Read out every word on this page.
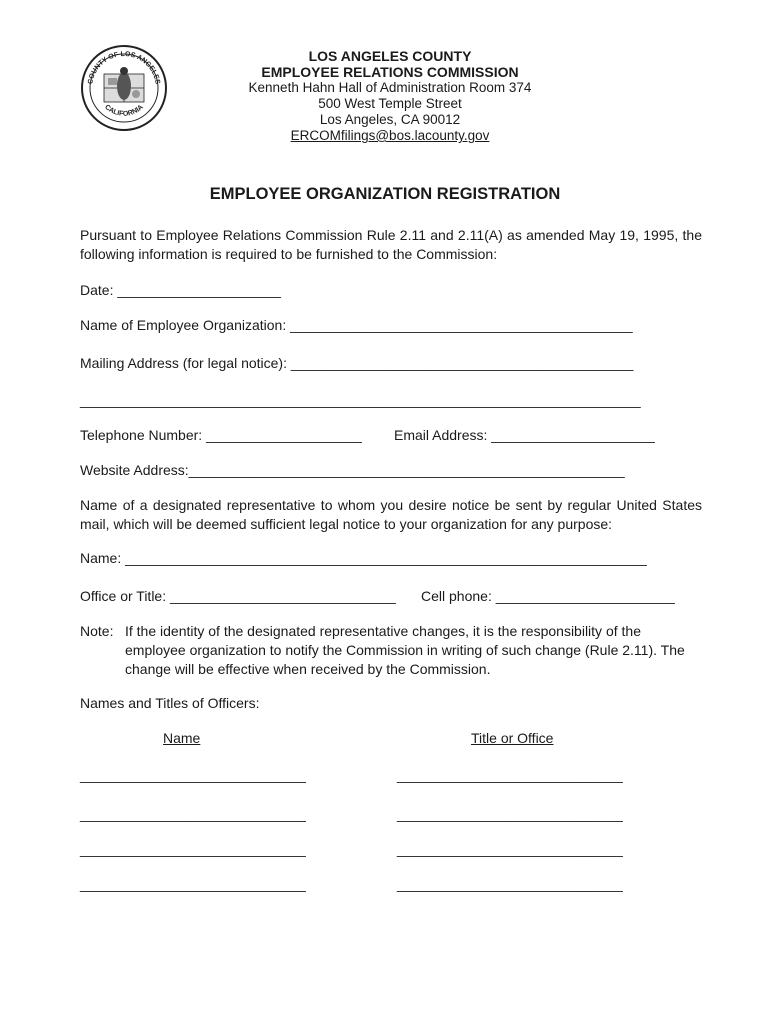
COUNTY OF LOS ANGELES
CALIFORNIA
LOS ANGELES COUNTY
EMPLOYEE RELATIONS COMMISSION
Kenneth Hahn Hall of Administration Room 374
500 West Temple Street
Los Angeles, CA 90012
ERCOMfilings@bos.lacounty.gov
EMPLOYEE ORGANIZATION REGISTRATION
Pursuant to Employee Relations Commission Rule 2.11 and 2.11(A) as amended May 19, 1995, the following information is required to be furnished to the Commission:
Date: _____________________
Name of Employee Organization: ____________________________________________
Mailing Address (for legal notice): ____________________________________________
________________________________________________________________________
Telephone Number: ____________________ Email Address: _____________________
Website Address:________________________________________________________
Name of a designated representative to whom you desire notice be sent by regular United States mail, which will be deemed sufficient legal notice to your organization for any purpose:
Name: ___________________________________________________________________
Office or Title: _____________________________ Cell phone: _______________________
Note: If the identity of the designated representative changes, it is the responsibility of the employee organization to notify the Commission in writing of such change (Rule 2.11). The change will be effective when received by the Commission.
Names and Titles of Officers:
Name	Title or Office
_____________________________	_____________________________
_____________________________	_____________________________
_____________________________	_____________________________
_____________________________	_____________________________
